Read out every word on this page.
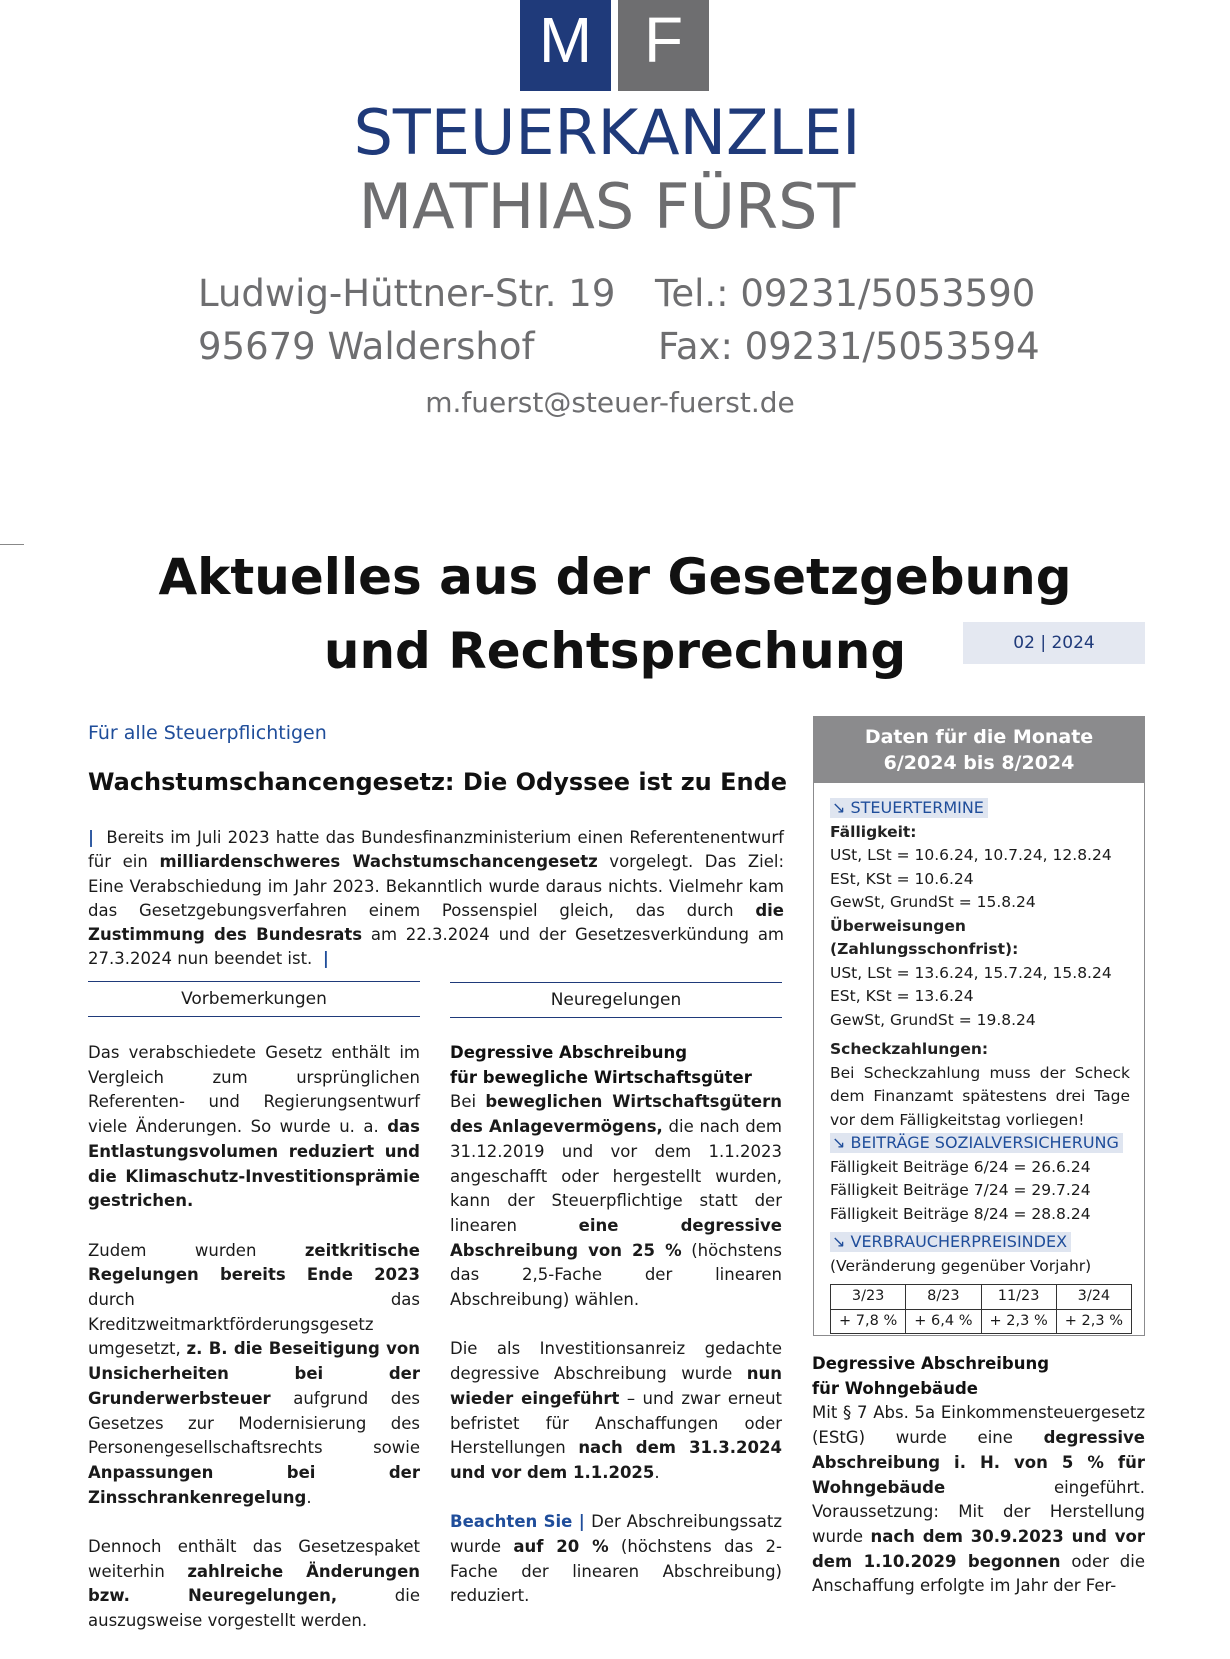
M F
STEUERKANZLEI
MATHIAS FÜRST
Ludwig-Hüttner-Str. 19
95679 Waldershof
Tel.: 09231/5053590
Fax: 09231/5053594
m.fuerst@steuer-fuerst.de
Aktuelles aus der Gesetzgebung
und Rechtsprechung	02 | 2024
Für alle Steuerpflichtigen
Wachstumschancengesetz: Die Odyssee ist zu Ende
| Bereits im Juli 2023 hatte das Bundesfinanzministerium einen Referentenentwurf für ein milliardenschweres Wachstumschancengesetz vorgelegt. Das Ziel: Eine Verabschiedung im Jahr 2023. Bekanntlich wurde daraus nichts. Vielmehr kam das Gesetzgebungsverfahren einem Possenspiel gleich, das durch die Zustimmung des Bundesrats am 22.3.2024 und der Gesetzesverkündung am 27.3.2024 nun beendet ist. |
Vorbemerkungen

Das verabschiedete Gesetz enthält im Vergleich zum ursprünglichen Referenten- und Regierungsentwurf viele Änderungen. So wurde u. a. das Entlastungsvolumen reduziert und die Klimaschutz-Investitionsprämie gestrichen.

Zudem wurden zeitkritische Regelungen bereits Ende 2023 durch das Kreditzweitmarktförderungsgesetz umgesetzt, z. B. die Beseitigung von Unsicherheiten bei der Grunderwerbsteuer aufgrund des Gesetzes zur Modernisierung des Personengesellschaftsrechts sowie Anpassungen bei der Zinsschrankenregelung.

Dennoch enthält das Gesetzespaket weiterhin zahlreiche Änderungen bzw. Neuregelungen, die auszugsweise vorgestellt werden.

Neuregelungen

Degressive Abschreibung
für bewegliche Wirtschaftsgüter
Bei beweglichen Wirtschaftsgütern des Anlagevermögens, die nach dem 31.12.2019 und vor dem 1.1.2023 angeschafft oder hergestellt wurden, kann der Steuerpflichtige statt der linearen eine degressive Abschreibung von 25 % (höchstens das 2,5-Fache der linearen Abschreibung) wählen.

Die als Investitionsanreiz gedachte degressive Abschreibung wurde nun wieder eingeführt – und zwar erneut befristet für Anschaffungen oder Herstellungen nach dem 31.3.2024 und vor dem 1.1.2025.

Beachten Sie | Der Abschreibungssatz wurde auf 20 % (höchstens das 2-Fache der linearen Abschreibung) reduziert.

Daten für die Monate
6/2024 bis 8/2024
↘ STEUERTERMINE
Fälligkeit:
USt, LSt = 10.6.24, 10.7.24, 12.8.24
ESt, KSt = 10.6.24
GewSt, GrundSt = 15.8.24
Überweisungen (Zahlungsschonfrist):
USt, LSt = 13.6.24, 15.7.24, 15.8.24
ESt, KSt = 13.6.24
GewSt, GrundSt = 19.8.24
Scheckzahlungen:
Bei Scheckzahlung muss der Scheck dem Finanzamt spätestens drei Tage vor dem Fälligkeitstag vorliegen!
↘ BEITRÄGE SOZIALVERSICHERUNG
Fälligkeit Beiträge 6/24 = 26.6.24
Fälligkeit Beiträge 7/24 = 29.7.24
Fälligkeit Beiträge 8/24 = 28.8.24
↘ VERBRAUCHERPREISINDEX
(Veränderung gegenüber Vorjahr)
3/23	8/23	11/23	3/24
+ 7,8 %	+ 6,4 %	+ 2,3 %	+ 2,3 %
Degressive Abschreibung
für Wohngebäude
Mit § 7 Abs. 5a Einkommensteuergesetz (EStG) wurde eine degressive Abschreibung i. H. von 5 % für Wohngebäude eingeführt. Voraussetzung: Mit der Herstellung wurde nach dem 30.9.2023 und vor dem 1.10.2029 begonnen oder die Anschaffung erfolgte im Jahr der Fer-
